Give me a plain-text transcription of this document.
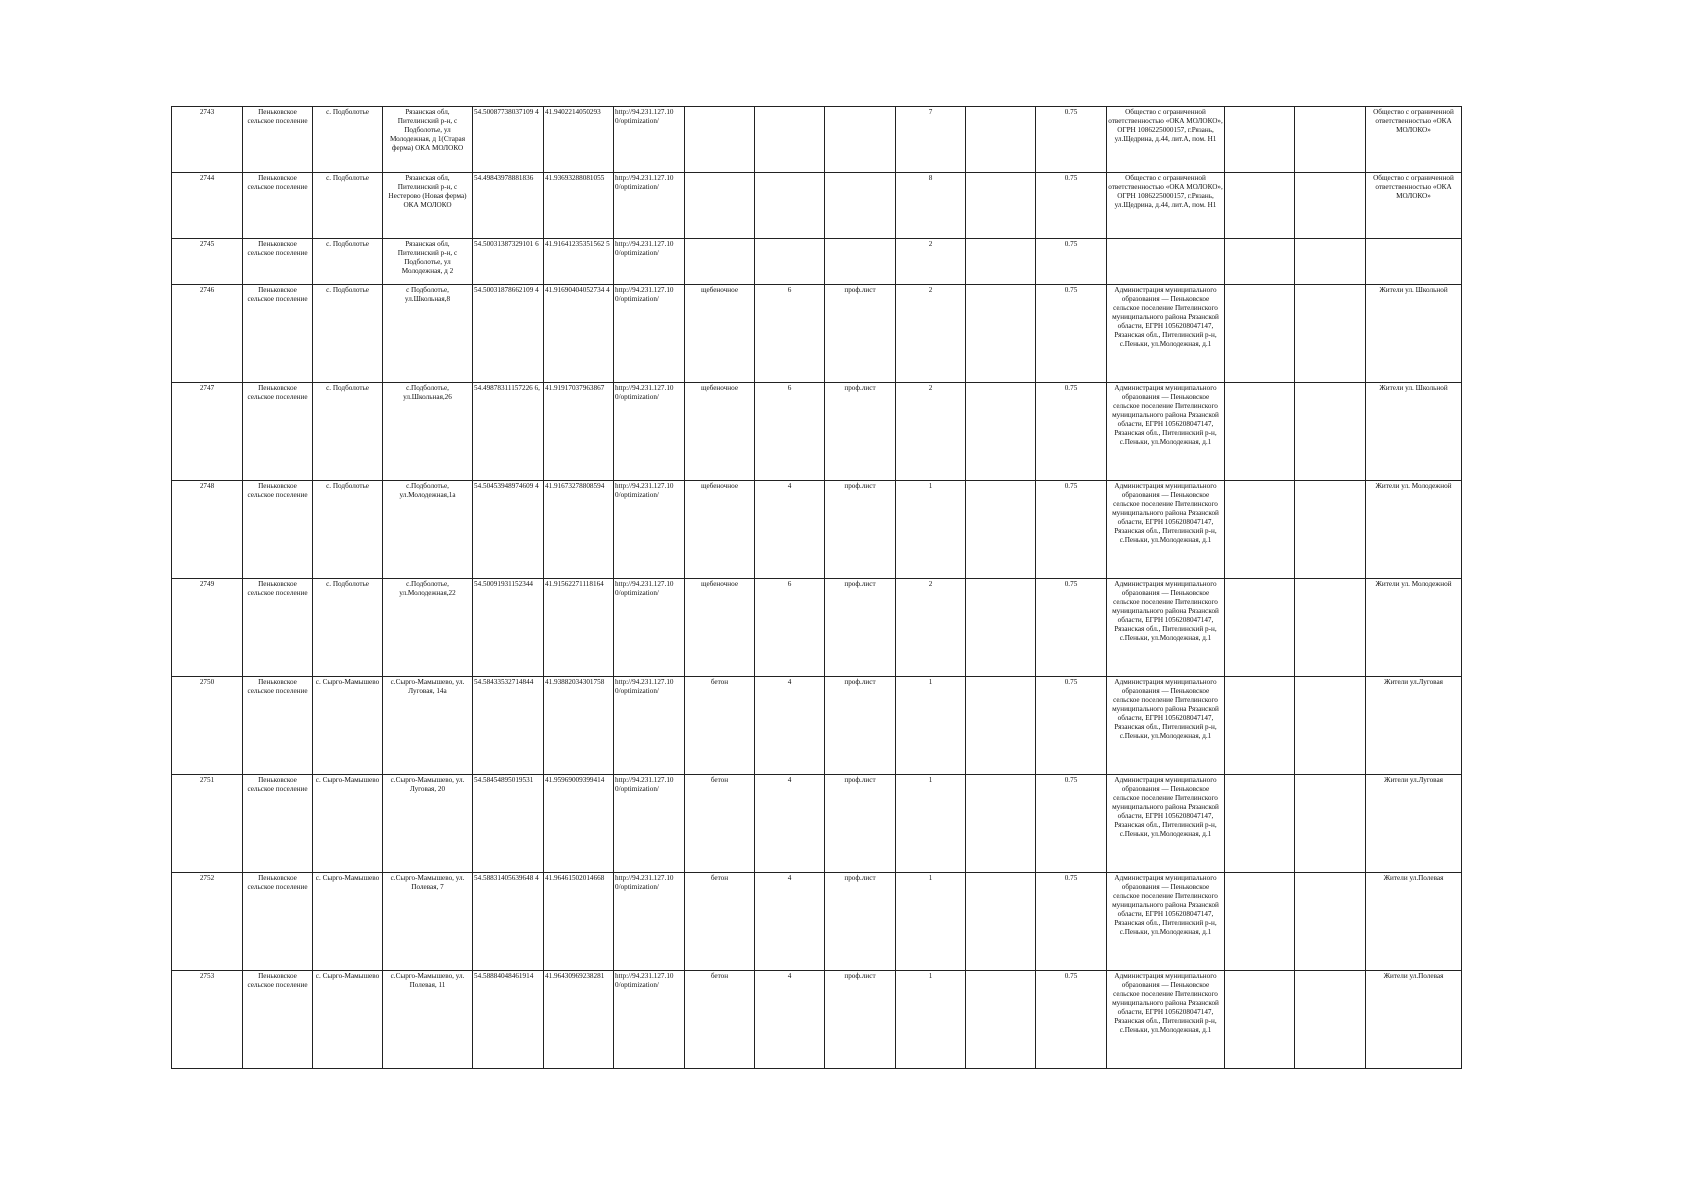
2743	Пеньковское сельское поселение	с. Подболотье	Рязанская обл, Пителинский р-н, с Подболотье, ул Молодежная, д 1(Старая ферма) ОКА МОЛОКО	54.50087738037109 4	41.9402214050293	http://94.231.127.10 0/optimization/				7		0.75	Общество с ограниченной ответственностью «ОКА МОЛОКО», ОГРН 1086225000157, г.Рязань, ул.Щедрина, д.44, лит.А, пом. Н1			Общество с ограниченной ответственностью «ОКА МОЛОКО»
2744	Пеньковское сельское поселение	с. Подболотье	Рязанская обл, Пителинский р-н, с Нестерово (Новая ферма) ОКА МОЛОКО	54.49843978881836	41.93693288081055	http://94.231.127.10 0/optimization/				8		0.75	Общество с ограниченной ответственностью «ОКА МОЛОКО», ОГРН 1086225000157, г.Рязань, ул.Щедрина, д.44, лит.А, пом. Н1			Общество с ограниченной ответственностью «ОКА МОЛОКО»
2745	Пеньковское сельское поселение	с. Подболотье	Рязанская обл, Пителинский р-н, с Подболотье, ул Молодежная, д 2	54.50031387329101 6	41.91641235351562 5	http://94.231.127.10 0/optimization/				2		0.75				
2746	Пеньковское сельское поселение	с. Подболотье	с Подболотье, ул.Школьная,8	54.50031878662109 4	41.91690404052734 4	http://94.231.127.10 0/optimization/	щебеночное	6	проф.лист	2		0.75	Администрация муниципального образования — Пеньковское сельское поселение Пителинского муниципального района Рязанской области, ЕГРН 1056208047147, Рязанская обл., Пителинский р-н, с.Пеньки, ул.Молодежная, д.1			Жители ул. Школьной
2747	Пеньковское сельское поселение	с. Подболотье	с.Подболотье, ул.Школьная,26	54.49878311157226 6,	41.91917037963867	http://94.231.127.10 0/optimization/	щебеночное	6	проф.лист	2		0.75	Администрация муниципального образования — Пеньковское сельское поселение Пителинского муниципального района Рязанской области, ЕГРН 1056208047147, Рязанская обл., Пителинский р-н, с.Пеньки, ул.Молодежная, д.1			Жители ул. Школьной
2748	Пеньковское сельское поселение	с. Подболотье	с.Подболотье, ул.Молодежная,1а	54.50453948974609 4	41.91673278808594	http://94.231.127.10 0/optimization/	щебеночное	4	проф.лист	1		0.75	Администрация муниципального образования — Пеньковское сельское поселение Пителинского муниципального района Рязанской области, ЕГРН 1056208047147, Рязанская обл., Пителинский р-н, с.Пеньки, ул.Молодежная, д.1			Жители ул. Молодежной
2749	Пеньковское сельское поселение	с. Подболотье	с.Подболотье, ул.Молодежная,22	54.50091931152344	41.91562271118164	http://94.231.127.10 0/optimization/	щебеночное	6	проф.лист	2		0.75	Администрация муниципального образования — Пеньковское сельское поселение Пителинского муниципального района Рязанской области, ЕГРН 1056208047147, Рязанская обл., Пителинский р-н, с.Пеньки, ул.Молодежная, д.1			Жители ул. Молодежной
2750	Пеньковское сельское поселение	с. Сырго-Мамышево	с.Сырго-Мамышево, ул. Луговая, 14а	54.58433532714844	41.93882034301758	http://94.231.127.10 0/optimization/	бетон	4	проф.лист	1		0.75	Администрация муниципального образования — Пеньковское сельское поселение Пителинского муниципального района Рязанской области, ЕГРН 1056208047147, Рязанская обл., Пителинский р-н, с.Пеньки, ул.Молодежная, д.1			Жители ул.Луговая
2751	Пеньковское сельское поселение	с. Сырго-Мамышево	с.Сырго-Мамышево, ул. Луговая, 20	54.58454895019531	41.95969009399414	http://94.231.127.10 0/optimization/	бетон	4	проф.лист	1		0.75	Администрация муниципального образования — Пеньковское сельское поселение Пителинского муниципального района Рязанской области, ЕГРН 1056208047147, Рязанская обл., Пителинский р-н, с.Пеньки, ул.Молодежная, д.1			Жители ул.Луговая
2752	Пеньковское сельское поселение	с. Сырго-Мамышево	с.Сырго-Мамышево, ул. Полевая, 7	54.58831405639648 4	41.96461502014668	http://94.231.127.10 0/optimization/	бетон	4	проф.лист	1		0.75	Администрация муниципального образования — Пеньковское сельское поселение Пителинского муниципального района Рязанской области, ЕГРН 1056208047147, Рязанская обл., Пителинский р-н, с.Пеньки, ул.Молодежная, д.1			Жители ул.Полевая
2753	Пеньковское сельское поселение	с. Сырго-Мамышево	с.Сырго-Мамышево, ул. Полевая, 11	54.58884048461914	41.96430969238281	http://94.231.127.10 0/optimization/	бетон	4	проф.лист	1		0.75	Администрация муниципального образования — Пеньковское сельское поселение Пителинского муниципального района Рязанской области, ЕГРН 1056208047147, Рязанская обл., Пителинский р-н, с.Пеньки, ул.Молодежная, д.1			Жители ул.Полевая
